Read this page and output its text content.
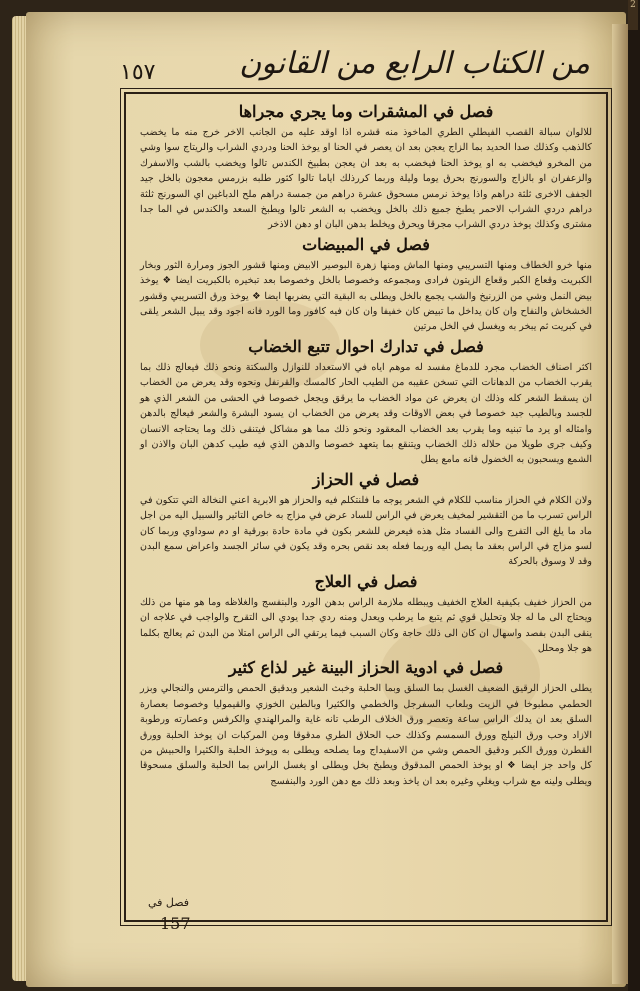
2
١٥٧	من الكتاب الرابع من القانون
فصل في المشقرات وما يجري مجراها
للالوان سبالة القصب الفيطلي الطري الماخوذ منه قشره اذا اوقد عليه من الجانب الاخر خرج منه ما يخضب كالذهب وكذلك صدا الحديد بما الزاج يعجن بعد ان يعصر في الحنا او يوخذ الحنا ودردي الشراب والريتاج سوا وشي من المخرو فيخضب به او يوخذ الحنا فيخضب به بعد ان يعجن بطبيخ الكندس تالوا ويخضب بالشب والاسفرك والزعفران او بالزاج والسورنج بحرق يوما وليلة وربما كررذلك اياما تالوا كثور طلبه بزرمس معجون بالخل جيد الجفف الاخرى ثلثة دراهم واذا يوخذ نرمس مسحوق عشرة دراهم من جمسة دراهم ملح الدباغين اي السورنج ثلثة دراهم دردي الشراب الاحمر يطبخ جميع ذلك بالخل ويخضب به الشعر تالوا ويطبخ السعد والكندس في الما جدا مشترى وكذلك يوخذ دردي الشراب مجرقا ويحرق ويخلط بدهن البان او دهن الاذخر
فصل في المبيضات
منها خرو الخطاف ومنها التسريبي ومنها الماش ومنها زهرة البوصير الابيض ومنها قشور الجوز ومرارة الثور وبخار الكبريت وقعاع الكبر وقعاع الزيتون فرادى ومجموعه وخصوصا بالخل وخصوصا بعد تبخيره بالكبريت ايضا ❖ يوخذ بيض النمل وشي من الزرنيخ والشب يجمع بالخل ويطلى به البقية التي يضربها ايضا ❖ يوخذ ورق التسريبي وقشور الخشخاش والنفاح وان كان يداخل ما تبيض كان خفيفا وان كان فيه كافور وما الورد فانه اجود وقد يبيل الشعر يلقى في كبريت ثم يبخر به ويغسل في الخل مرتين
فصل في تدارك احوال تتبع الخضاب
اكثر اصناف الخضاب مجرد للدماغ مفسد له موهم اياه في الاستعداد للنوازل والسكتة ونحو ذلك فيعالج ذلك بما يقرب الخضاب من الدهانات التي تسخن عقيبه من الطيب الحار كالمسك والقرنفل ونحوه وقد يعرض من الخضاب ان يسقط الشعر كله وذلك ان يعرض عن مواد الخضاب ما يرقق ويجعل خصوصا في الحشى من الشعر الذي هو للجسد وبالطيب جيد خصوصا في بعض الاوقات وقد يعرض من الخضاب ان يسود البشرة والشعر فيعالج بالدهن وامثاله او يرد ما تبنيه وما يقرب بعد الخضاب المعقود ونحو ذلك مما هو مشاكل فيتنقى ذلك وما يحتاجه الانسان وكيف جرى طويلا من حلاله ذلك الخضاب ويتنقع بما يتعهد خصوصا والدهن الذي فيه طيب كدهن البان والاذن او الشمع ويسحبون به الخضول فانه مامع يطل
فصل في الحزاز
ولان الكلام في الحزاز مناسب للكلام في الشعر يوجه ما فلنتكلم فيه والحزاز هو الابرية اعني النخالة التي تتكون في الراس تسرب ما من التقشير لمخيف يعرض في الراس للساد عرض في مزاج به خاص التاثير والسبيل اليه من اجل ماد ما يلغ الى التفرج والى الفساد مثل هذه فيعرض للشعر بكون في مادة حادة بورقية او دم سوداوي وربما كان لسو مزاج في الراس بعقد ما يصل اليه وربما فعله بعد نقص بحره وقد يكون في سائر الجسد واعراض سمع البدن وقد لا وسوق بالحركة
فصل في العلاج
من الحزاز خفيف بكيفية العلاج الخفيف ويبطله ملازمة الراس بدهن الورد والبنفسج والغلاظه وما هو منها من ذلك ويحتاج الى ما له جلا وتحليل قوي ثم يتبع ما يرطب ويعدل ومنه ردي جدا يودي الى التقرح والواجب في علاجه ان ينقى البدن بفصد واسهال ان كان الى ذلك حاجة وكان السبب فيما يرتقي الى الراس امتلا من البدن ثم يعالج بكلما هو جلا ومحلل
فصل في ادوية الحزاز البينة غير لذاع كثير
يطلى الحزاز الرقيق الضعيف الغسل بما السلق وبما الحلبة وخبث الشعير وبدقيق الحمص والترمس والنجالي وبزر الحطمي مطبوخا في الزيت وبلعاب السفرجل والخطمي والكثيرا وبالطين الخوزي والقيموليا وخصوصا بعصارة السلق بعد ان يدلك الراس ساعة وتعصر ورق الخلاف الرطب تانه غاية والمرالهندي والكرفس وعصارته ورطوبة الازاد وحب ورق النيلج وورق السمسم وكذلك حب الحلاق الطري مدقوقا ومن المركبات ان يوخذ الحلبة وورق القطرن وورق الكبر ودقيق الحمص وشي من الاسفيداج وما يصلحه ويطلى به ويوخذ الحلبة والكثيرا والحبيش من كل واحد جز ايضا ❖ او يوخذ الحمص المدقوق ويطبخ بخل ويطلى او يغسل الراس بما الحلبة والسلق مسحوقا ويطلى ولينه مع شراب ويغلي وغيره بعد ان ياخذ وبعد ذلك مع دهن الورد والبنفسج
فصل في
157
